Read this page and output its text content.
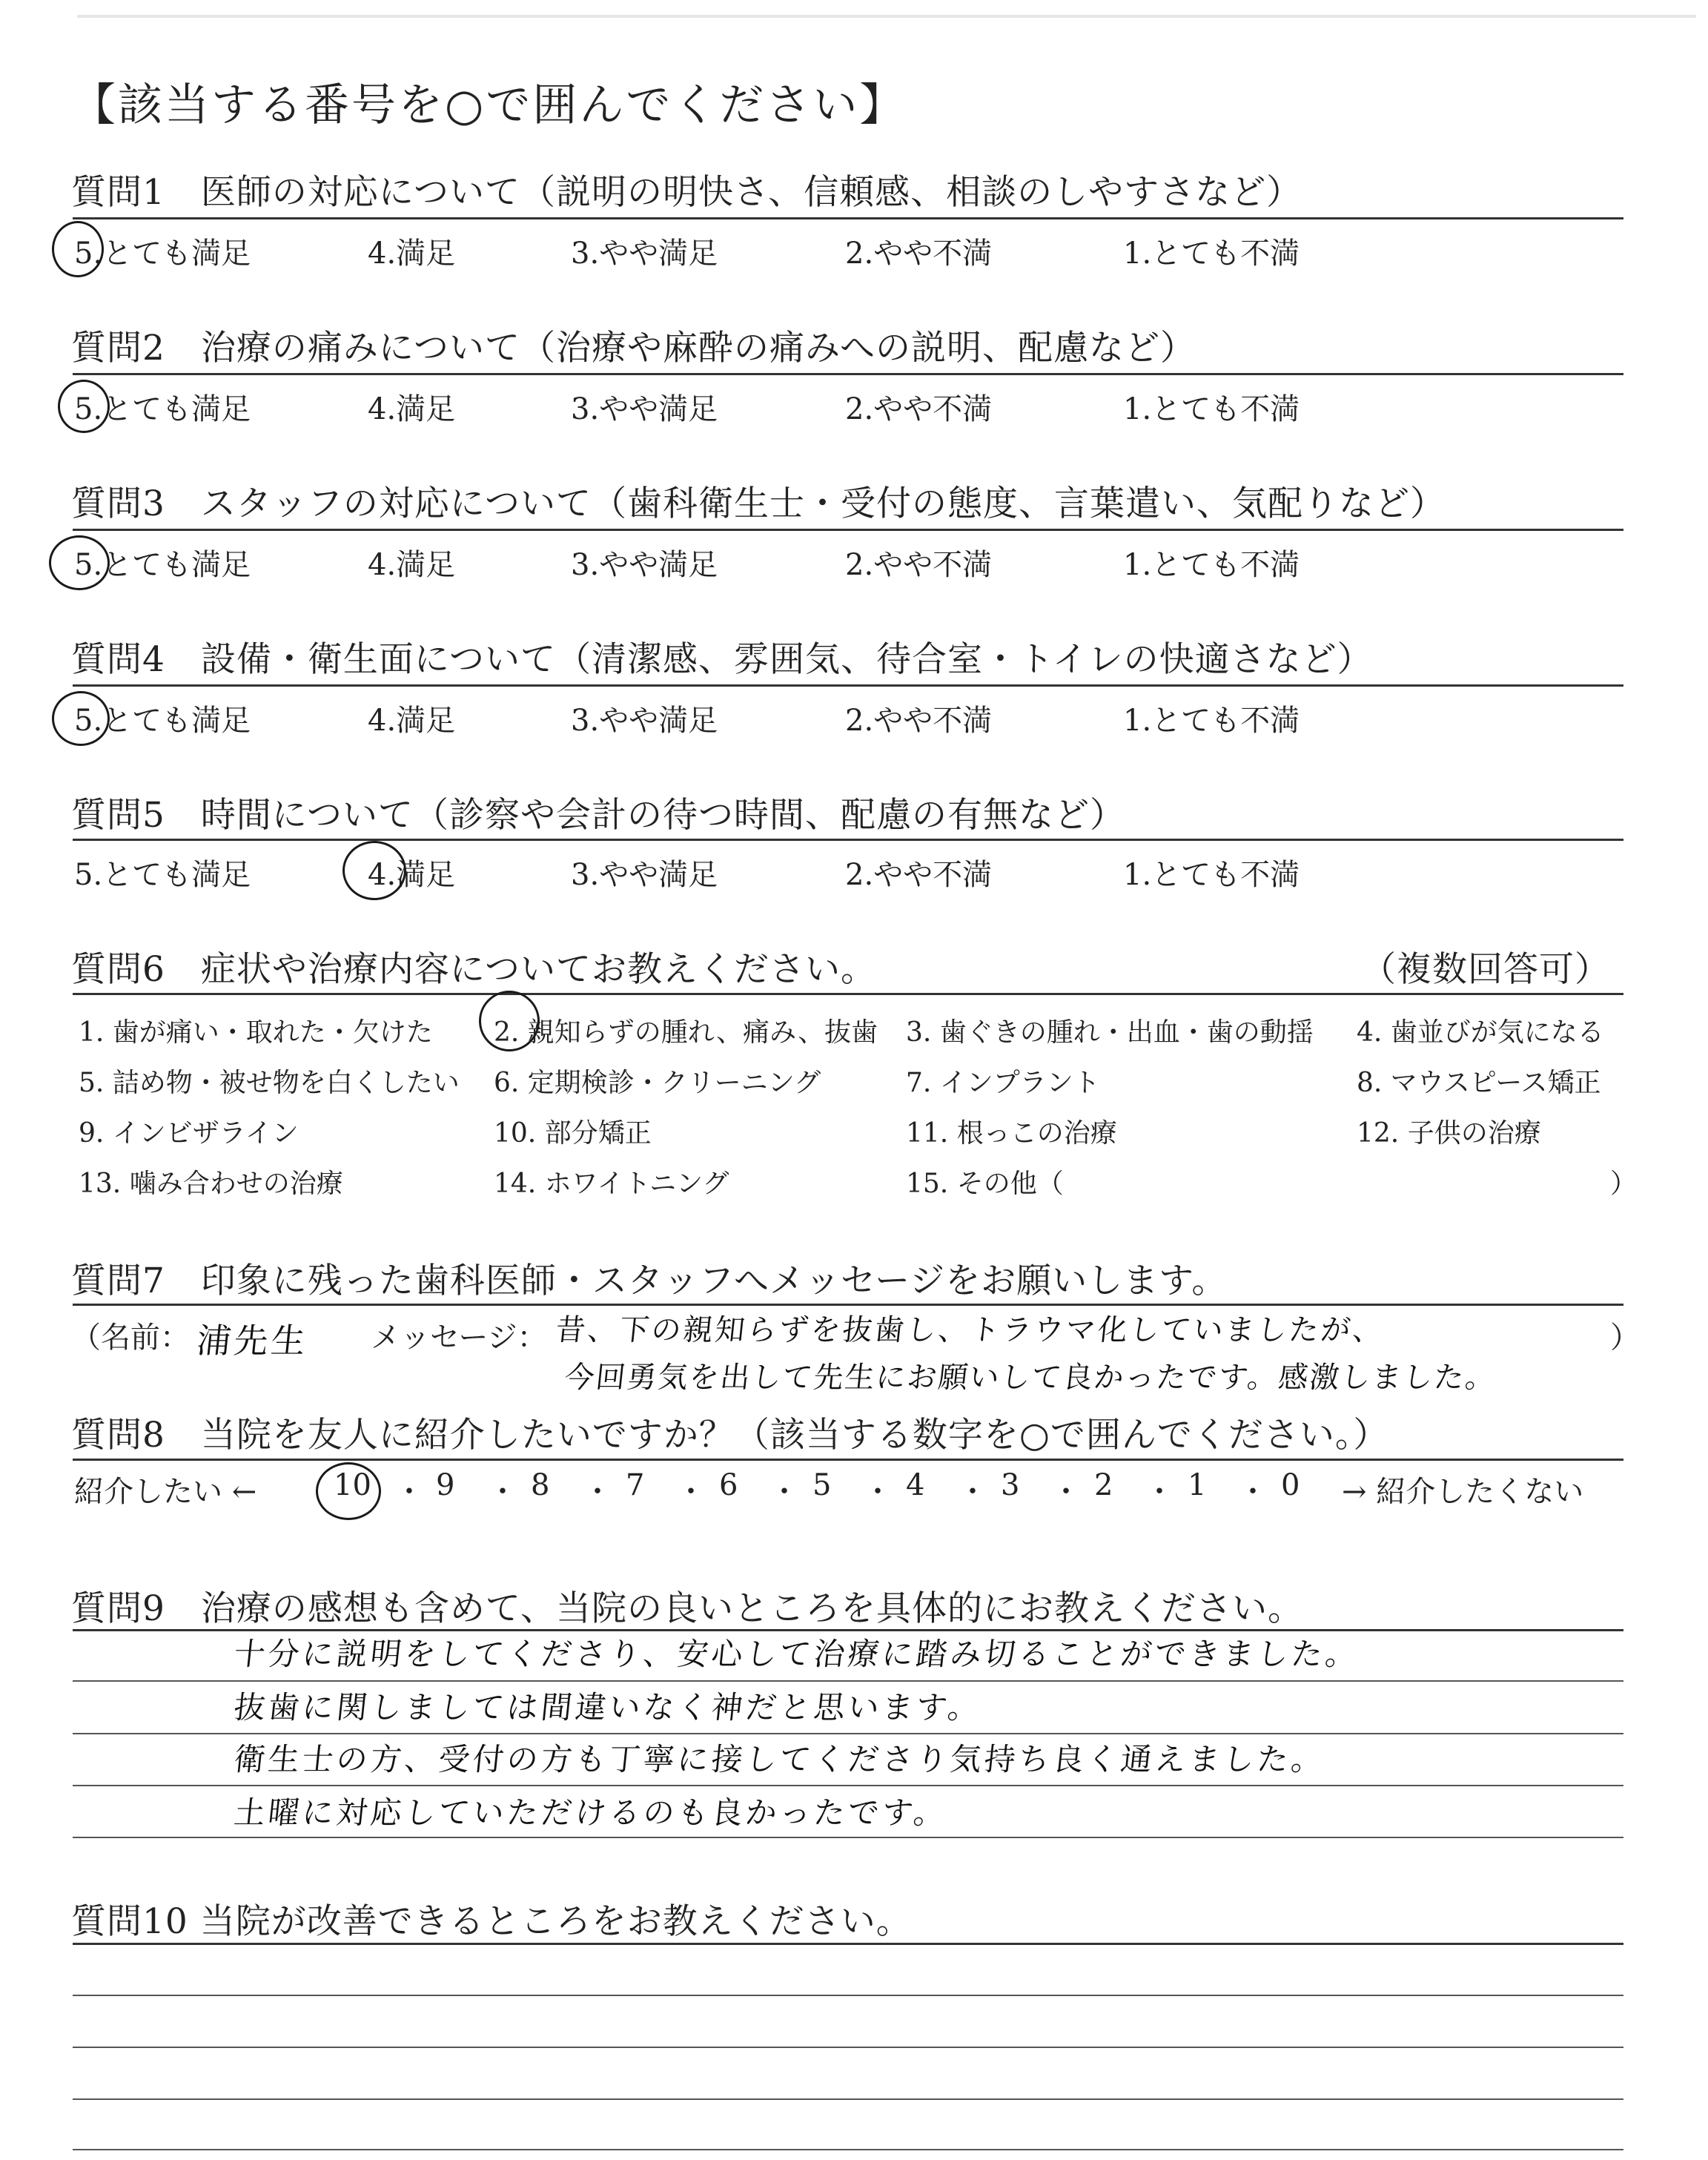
【該当する番号を○で囲んでください】
質問1　医師の対応について（説明の明快さ、信頼感、相談のしやすさなど）
5.とても満足	4.満足	3.やや満足	2.やや不満	1.とても不満
質問2　治療の痛みについて（治療や麻酔の痛みへの説明、配慮など）
5.とても満足	4.満足	3.やや満足	2.やや不満	1.とても不満
質問3　スタッフの対応について（歯科衛生士・受付の態度、言葉遣い、気配りなど）
5.とても満足	4.満足	3.やや満足	2.やや不満	1.とても不満
質問4　設備・衛生面について（清潔感、雰囲気、待合室・トイレの快適さなど）
5.とても満足	4.満足	3.やや満足	2.やや不満	1.とても不満
質問5　時間について（診察や会計の待つ時間、配慮の有無など）
5.とても満足	4.満足	3.やや満足	2.やや不満	1.とても不満
質問6　症状や治療内容についてお教えください。	（複数回答可）
1. 歯が痛い・取れた・欠けた 2. 親知らずの腫れ、痛み、抜歯 3. 歯ぐきの腫れ・出血・歯の動揺 4. 歯並びが気になる
5. 詰め物・被せ物を白くしたい 6. 定期検診・クリーニング	7. インプラント	8. マウスピース矯正
9. インビザライン	10. 部分矯正	11. 根っこの治療	12. 子供の治療
13. 噛み合わせの治療	14. ホワイトニング	15. その他（	）
質問7　印象に残った歯科医師・スタッフへメッセージをお願いします。
（名前： 浦先生 メッセージ： 昔、下の親知らずを抜歯し、トラウマ化していましたが、
今回勇気を出して先生にお願いして良かったです。感激しました。
）
質問8　当院を友人に紹介したいですか？（該当する数字を○で囲んでください。）
紹介したい ←	10 ・ 9 ・ 8 ・ 7 ・ 6 ・ 5 ・ 4 ・ 3 ・ 2 ・ 1 ・ 0 → 紹介したくない
質問9　治療の感想も含めて、当院の良いところを具体的にお教えください。
十分に説明をしてくださり、安心して治療に踏み切ることができました。
抜歯に関しましては間違いなく神だと思います。
衛生士の方、受付の方も丁寧に接してくださり気持ち良く通えました。
土曜に対応していただけるのも良かったです。
質問10 当院が改善できるところをお教えください。
